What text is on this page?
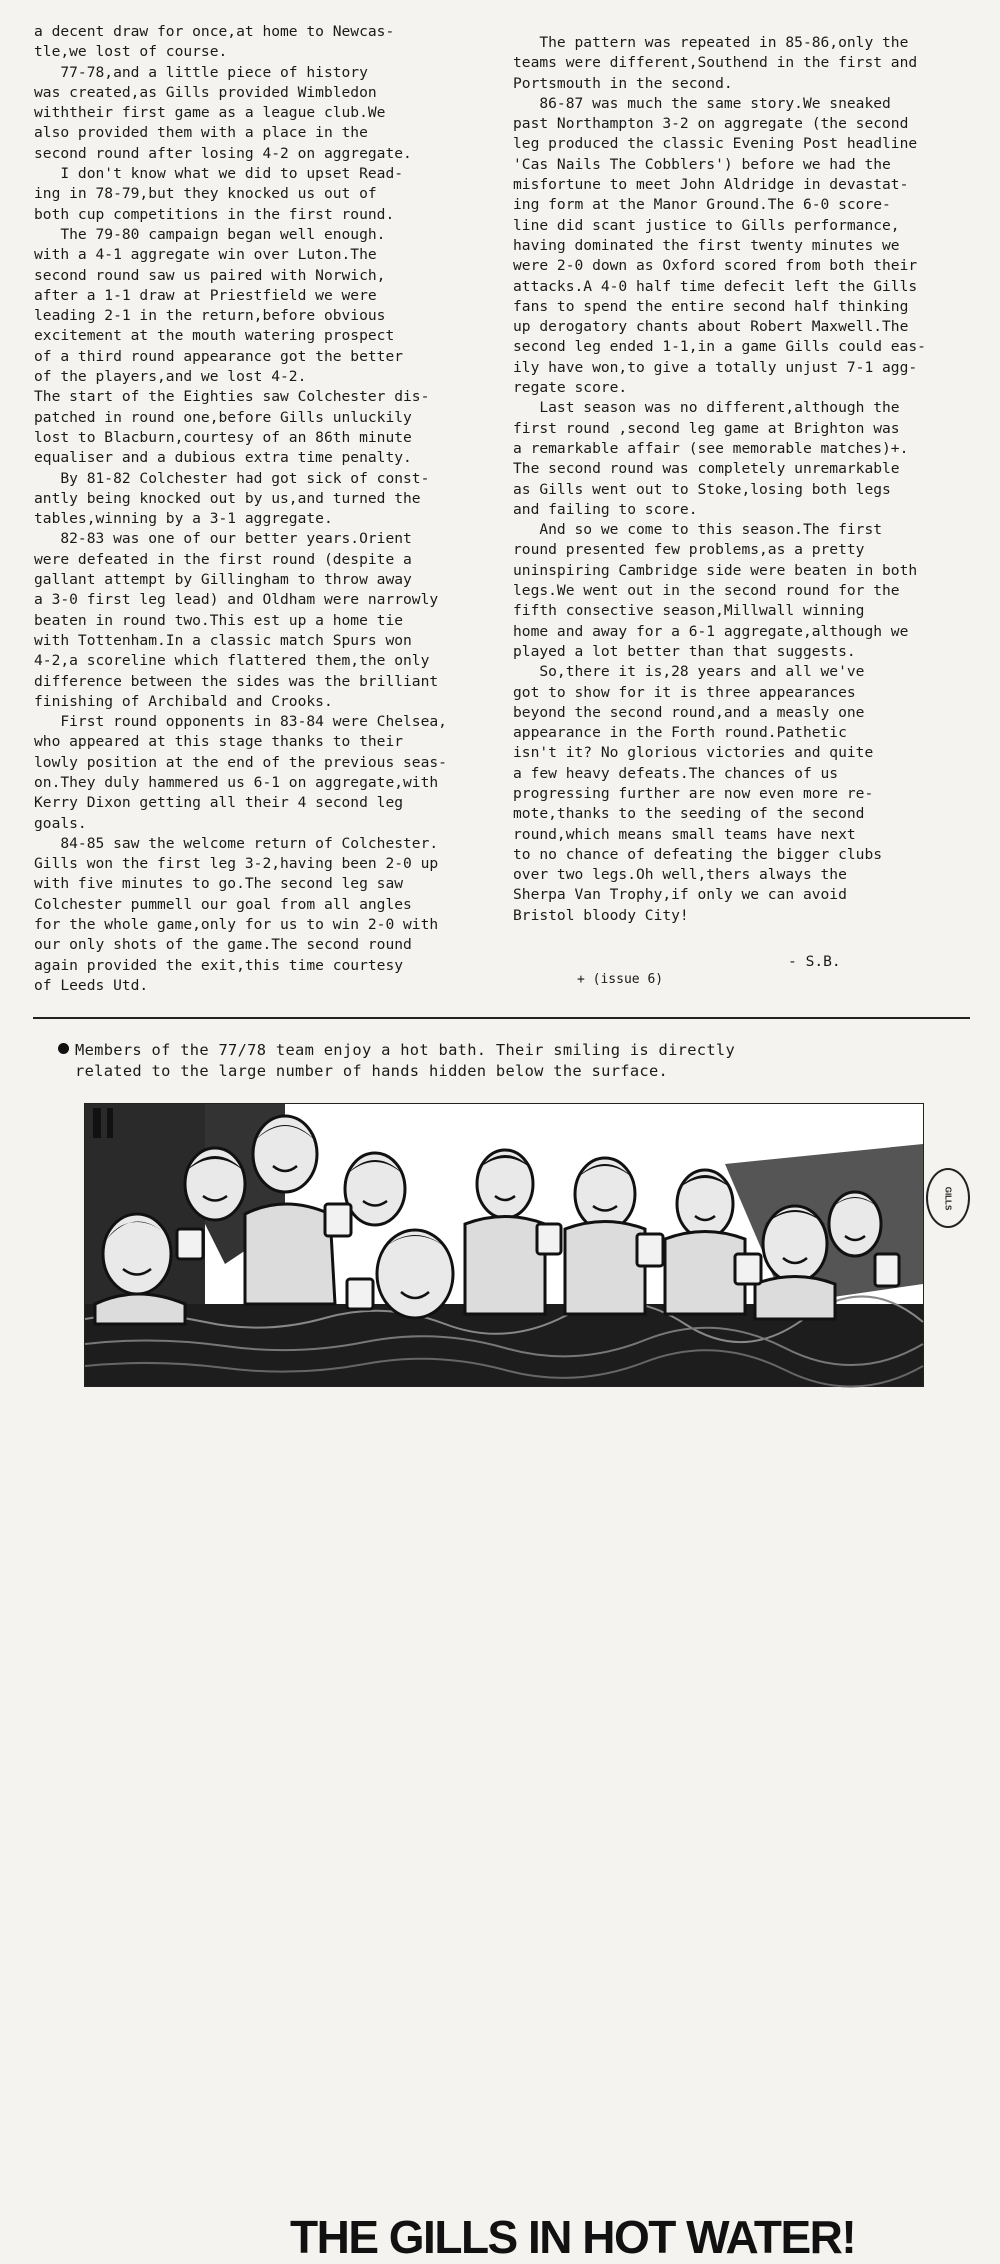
a decent draw for once,at home to Newcas-

tle,we lost of course.

77-78,and a little piece of history

was created,as Gills provided Wimbledon

withtheir first game as a league club.We

also provided them with a place in the

second round after losing 4-2 on aggregate.

I don't know what we did to upset Read-

ing in 78-79,but they knocked us out of

both cup competitions in the first round.

The 79-80 campaign began well enough.

with a 4-1 aggregate win over Luton.The

second round saw us paired with Norwich,

after a 1-1 draw at Priestfield we were

leading 2-1 in the return,before obvious

excitement at the mouth watering prospect

of a third round appearance got the better

of the players,and we lost 4-2.

The start of the Eighties saw Colchester dis-

patched in round one,before Gills unluckily

lost to Blacburn,courtesy of an 86th minute

equaliser and a dubious extra time penalty.

By 81-82 Colchester had got sick of const-

antly being knocked out by us,and turned the

tables,winning by a 3-1 aggregate.

82-83 was one of our better years.Orient

were defeated in the first round (despite a

gallant attempt by Gillingham to throw away

a 3-0 first leg lead) and Oldham were narrowly

beaten in round two.This est up a home tie

with Tottenham.In a classic match Spurs won

4-2,a scoreline which flattered them,the only

difference between the sides was the brilliant

finishing of Archibald and Crooks.

First round opponents in 83-84 were Chelsea,

who appeared at this stage thanks to their

lowly position at the end of the previous seas-

on.They duly hammered us 6-1 on aggregate,with

Kerry Dixon getting all their 4 second leg

goals.

84-85 saw the welcome return of Colchester.

Gills won the first leg 3-2,having been 2-0 up

with five minutes to go.The second leg saw

Colchester pummell our goal from all angles

for the whole game,only for us to win 2-0 with

our only shots of the game.The second round

again provided the exit,this time courtesy

of Leeds Utd.

The pattern was repeated in 85-86,only the

teams were different,Southend in the first and

Portsmouth in the second.

86-87 was much the same story.We sneaked

past Northampton 3-2 on aggregate (the second

leg produced the classic Evening Post headline

'Cas Nails The Cobblers') before we had the

misfortune to meet John Aldridge in devastat-

ing form at the Manor Ground.The 6-0 score-

line did scant justice to Gills performance,

having dominated the first twenty minutes we

were 2-0 down as Oxford scored from both their

attacks.A 4-0 half time defecit left the Gills

fans to spend the entire second half thinking

up derogatory chants about Robert Maxwell.The

second leg ended 1-1,in a game Gills could eas-

ily have won,to give a totally unjust 7-1 agg-

regate score.

Last season was no different,although the

first round ,second leg game at Brighton was

a remarkable affair (see memorable matches)+.

The second round was completely unremarkable

as Gills went out to Stoke,losing both legs

and failing to score.

And so we come to this season.The first

round presented few problems,as a pretty

uninspiring Cambridge side were beaten in both

legs.We went out in the second round for the

fifth consective season,Millwall winning

home and away for a 6-1 aggregate,although we

played a lot better than that suggests.

So,there it is,28 years and all we've

got to show for it is three appearances

beyond the second round,and a measly one

appearance in the Forth round.Pathetic

isn't it? No glorious victories and quite

a few heavy defeats.The chances of us

progressing further are now even more re-

mote,thanks to the seeding of the second

round,which means small teams have next

to no chance of defeating the bigger clubs

over two legs.Oh well,thers always the

Sherpa Van Trophy,if only we can avoid

Bristol bloody City!

- S.B.
+ (issue 6)

Members of the 77/78 team enjoy a hot bath. Their smiling is directly

related to the large number of hands hidden below the surface.

THE GILLS IN HOT WATER!
GILLS
